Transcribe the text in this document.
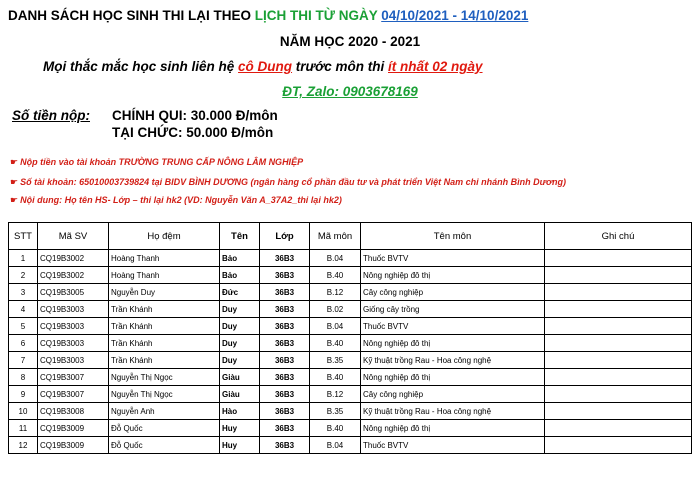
DANH SÁCH HỌC SINH THI LẠI THEO LỊCH THI TỪ NGÀY 04/10/2021 - 14/10/2021
NĂM HỌC 2020 - 2021
Mọi thắc mắc học sinh liên hệ cô Dung trước môn thi ít nhất 02 ngày
ĐT, Zalo: 0903678169
Số tiền nộp: CHÍNH QUI: 30.000 Đ/môn
TẠI CHỨC: 50.000 Đ/môn
☛ Nộp tiền vào tài khoản TRƯỜNG TRUNG CẤP NÔNG LÂM NGHIỆP
☛ Số tài khoản: 65010003739824 tại BIDV BÌNH DƯƠNG (ngân hàng cổ phần đầu tư và phát triển Việt Nam chi nhánh Bình Dương)
☛ Nội dung: Họ tên HS- Lớp – thi lại hk2 (VD: Nguyễn Văn A_37A2_thi lại hk2)
STT	Mã SV	Họ đệm	Tên	Lớp	Mã môn	Tên môn	Ghi chú
1	CQ19B3002	Hoàng Thanh	Bảo	36B3	B.04	Thuốc BVTV	
2	CQ19B3002	Hoàng Thanh	Bảo	36B3	B.40	Nông nghiệp đô thị	
3	CQ19B3005	Nguyễn Duy	Đức	36B3	B.12	Cây công nghiệp	
4	CQ19B3003	Trần Khánh	Duy	36B3	B.02	Giống cây trồng	
5	CQ19B3003	Trần Khánh	Duy	36B3	B.04	Thuốc BVTV	
6	CQ19B3003	Trần Khánh	Duy	36B3	B.40	Nông nghiệp đô thị	
7	CQ19B3003	Trần Khánh	Duy	36B3	B.35	Kỹ thuật trồng Rau - Hoa công nghệ	
8	CQ19B3007	Nguyễn Thị Ngọc	Giàu	36B3	B.40	Nông nghiệp đô thị	
9	CQ19B3007	Nguyễn Thị Ngọc	Giàu	36B3	B.12	Cây công nghiệp	
10	CQ19B3008	Nguyễn Anh	Hào	36B3	B.35	Kỹ thuật trồng Rau - Hoa công nghệ	
11	CQ19B3009	Đỗ Quốc	Huy	36B3	B.40	Nông nghiệp đô thị	
12	CQ19B3009	Đỗ Quốc	Huy	36B3	B.04	Thuốc BVTV	
